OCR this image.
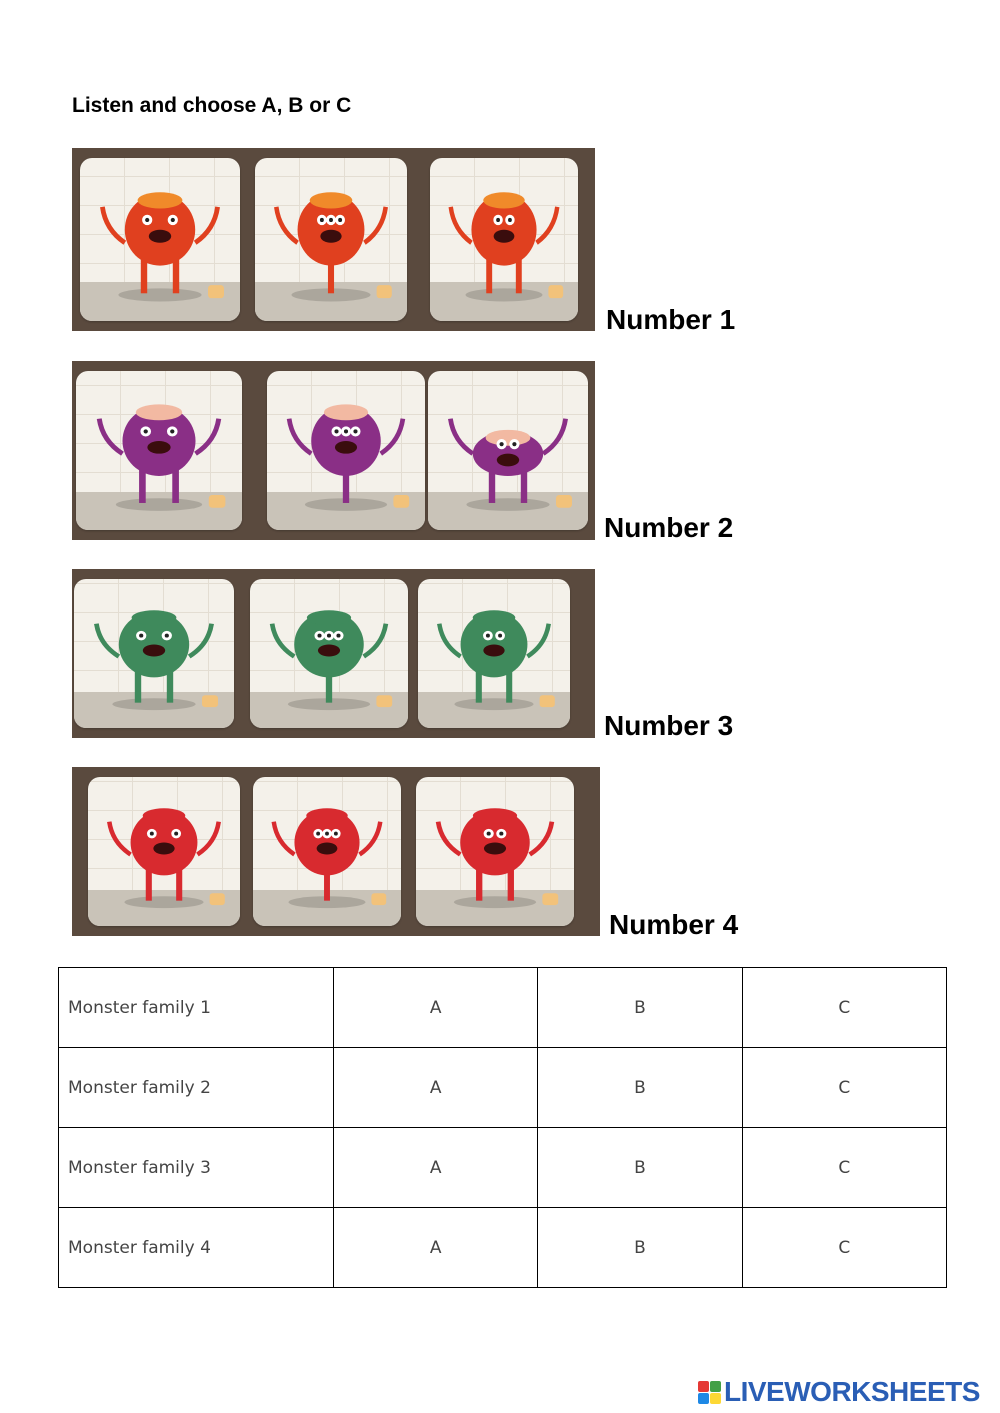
Listen and choose A, B or C

Number 1

Number 2

Number 3

Number 4

Monster family 1	A	B	C
Monster family 2	A	B	C
Monster family 3	A	B	C
Monster family 4	A	B	C
LIVEWORKSHEETS
